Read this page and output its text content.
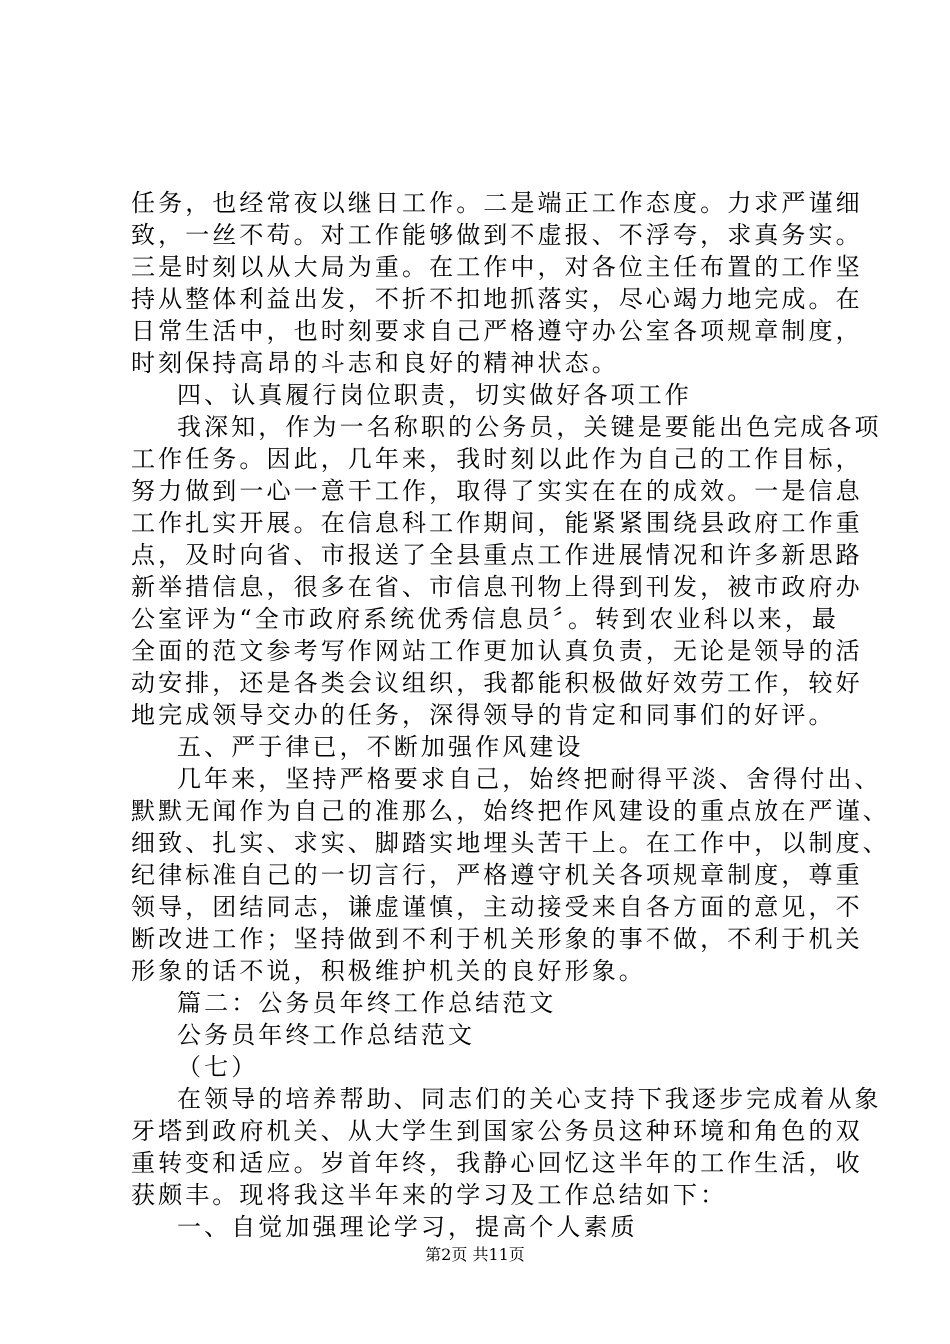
任务，也经常夜以继日工作。二是端正工作态度。力求严谨细
致，一丝不苟。对工作能够做到不虚报、不浮夸，求真务实。
三是时刻以从大局为重。在工作中，对各位主任布置的工作坚
持从整体利益出发，不折不扣地抓落实，尽心竭力地完成。在
日常生活中，也时刻要求自己严格遵守办公室各项规章制度，
时刻保持高昂的斗志和良好的精神状态。
四、认真履行岗位职责，切实做好各项工作
我深知，作为一名称职的公务员，关键是要能出色完成各项
工作任务。因此，几年来，我时刻以此作为自己的工作目标，
努力做到一心一意干工作，取得了实实在在的成效。一是信息
工作扎实开展。在信息科工作期间，能紧紧围绕县政府工作重
点，及时向省、市报送了全县重点工作进展情况和许多新思路
新举措信息，很多在省、市信息刊物上得到刊发，被市政府办
公室评为“全市政府系统优秀信息员〞。转到农业科以来，最
全面的范文参考写作网站工作更加认真负责，无论是领导的活
动安排，还是各类会议组织，我都能积极做好效劳工作，较好
地完成领导交办的任务，深得领导的肯定和同事们的好评。
五、严于律已，不断加强作风建设
几年来，坚持严格要求自己，始终把耐得平淡、舍得付出、
默默无闻作为自己的准那么，始终把作风建设的重点放在严谨、
细致、扎实、求实、脚踏实地埋头苦干上。在工作中，以制度、
纪律标准自己的一切言行，严格遵守机关各项规章制度，尊重
领导，团结同志，谦虚谨慎，主动接受来自各方面的意见，不
断改进工作；坚持做到不利于机关形象的事不做，不利于机关
形象的话不说，积极维护机关的良好形象。
篇二：公务员年终工作总结范文
公务员年终工作总结范文
（七）
在领导的培养帮助、同志们的关心支持下我逐步完成着从象
牙塔到政府机关、从大学生到国家公务员这种环境和角色的双
重转变和适应。岁首年终，我静心回忆这半年的工作生活，收
获颇丰。现将我这半年来的学习及工作总结如下：
一、自觉加强理论学习，提高个人素质
第2页 共11页
